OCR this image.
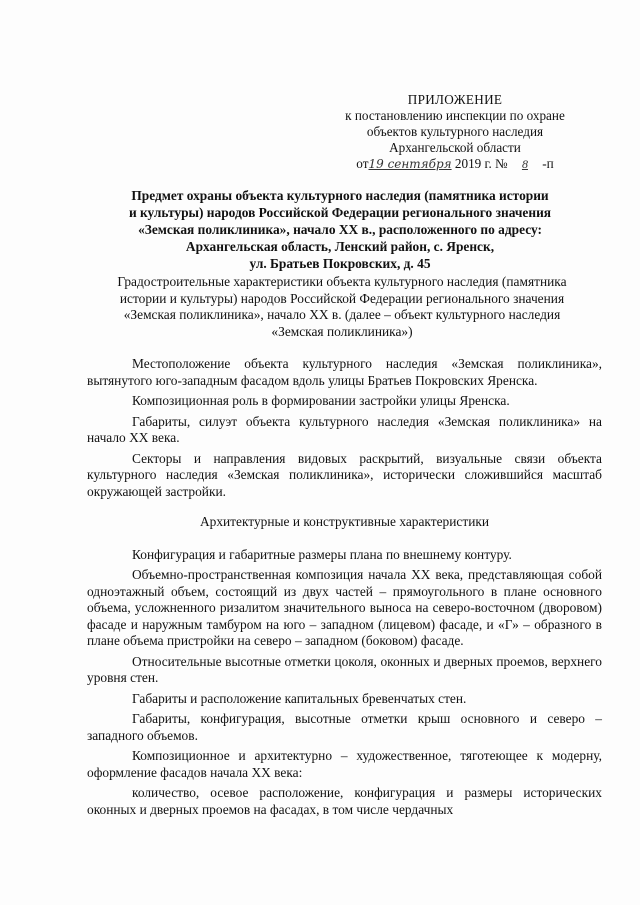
ПРИЛОЖЕНИЕ
к постановлению инспекции по охране
объектов культурного наследия
Архангельской области
от19 сентября 2019 г. № 8 -п
Предмет охраны объекта культурного наследия (памятника истории
и культуры) народов Российской Федерации регионального значения
«Земская поликлиника», начало XX в., расположенного по адресу:
Архангельская область, Ленский район, с. Яренск,
ул. Братьев Покровских, д. 45
Градостроительные характеристики объекта культурного наследия (памятника
истории и культуры) народов Российской Федерации регионального значения
«Земская поликлиника», начало XX в. (далее – объект культурного наследия
«Земская поликлиника»)

Местоположение объекта культурного наследия «Земская поликлиника», вытянутого юго-западным фасадом вдоль улицы Братьев Покровских Яренска.

Композиционная роль в формировании застройки улицы Яренска.

Габариты, силуэт объекта культурного наследия «Земская поликлиника» на начало XX века.

Секторы и направления видовых раскрытий, визуальные связи объекта культурного наследия «Земская поликлиника», исторически сложившийся масштаб окружающей застройки.

Архитектурные и конструктивные характеристики

Конфигурация и габаритные размеры плана по внешнему контуру.

Объемно-пространственная композиция начала XX века, представляющая собой одноэтажный объем, состоящий из двух частей – прямоугольного в плане основного объема, усложненного ризалитом значительного выноса на северо-восточном (дворовом) фасаде и наружным тамбуром на юго – западном (лицевом) фасаде, и «Г» – образного в плане объема пристройки на северо – западном (боковом) фасаде.

Относительные высотные отметки цоколя, оконных и дверных проемов, верхнего уровня стен.

Габариты и расположение капитальных бревенчатых стен.

Габариты, конфигурация, высотные отметки крыш основного и северо – западного объемов.

Композиционное и архитектурно – художественное, тяготеющее к модерну, оформление фасадов начала XX века:

количество, осевое расположение, конфигурация и размеры исторических оконных и дверных проемов на фасадах, в том числе чердачных
